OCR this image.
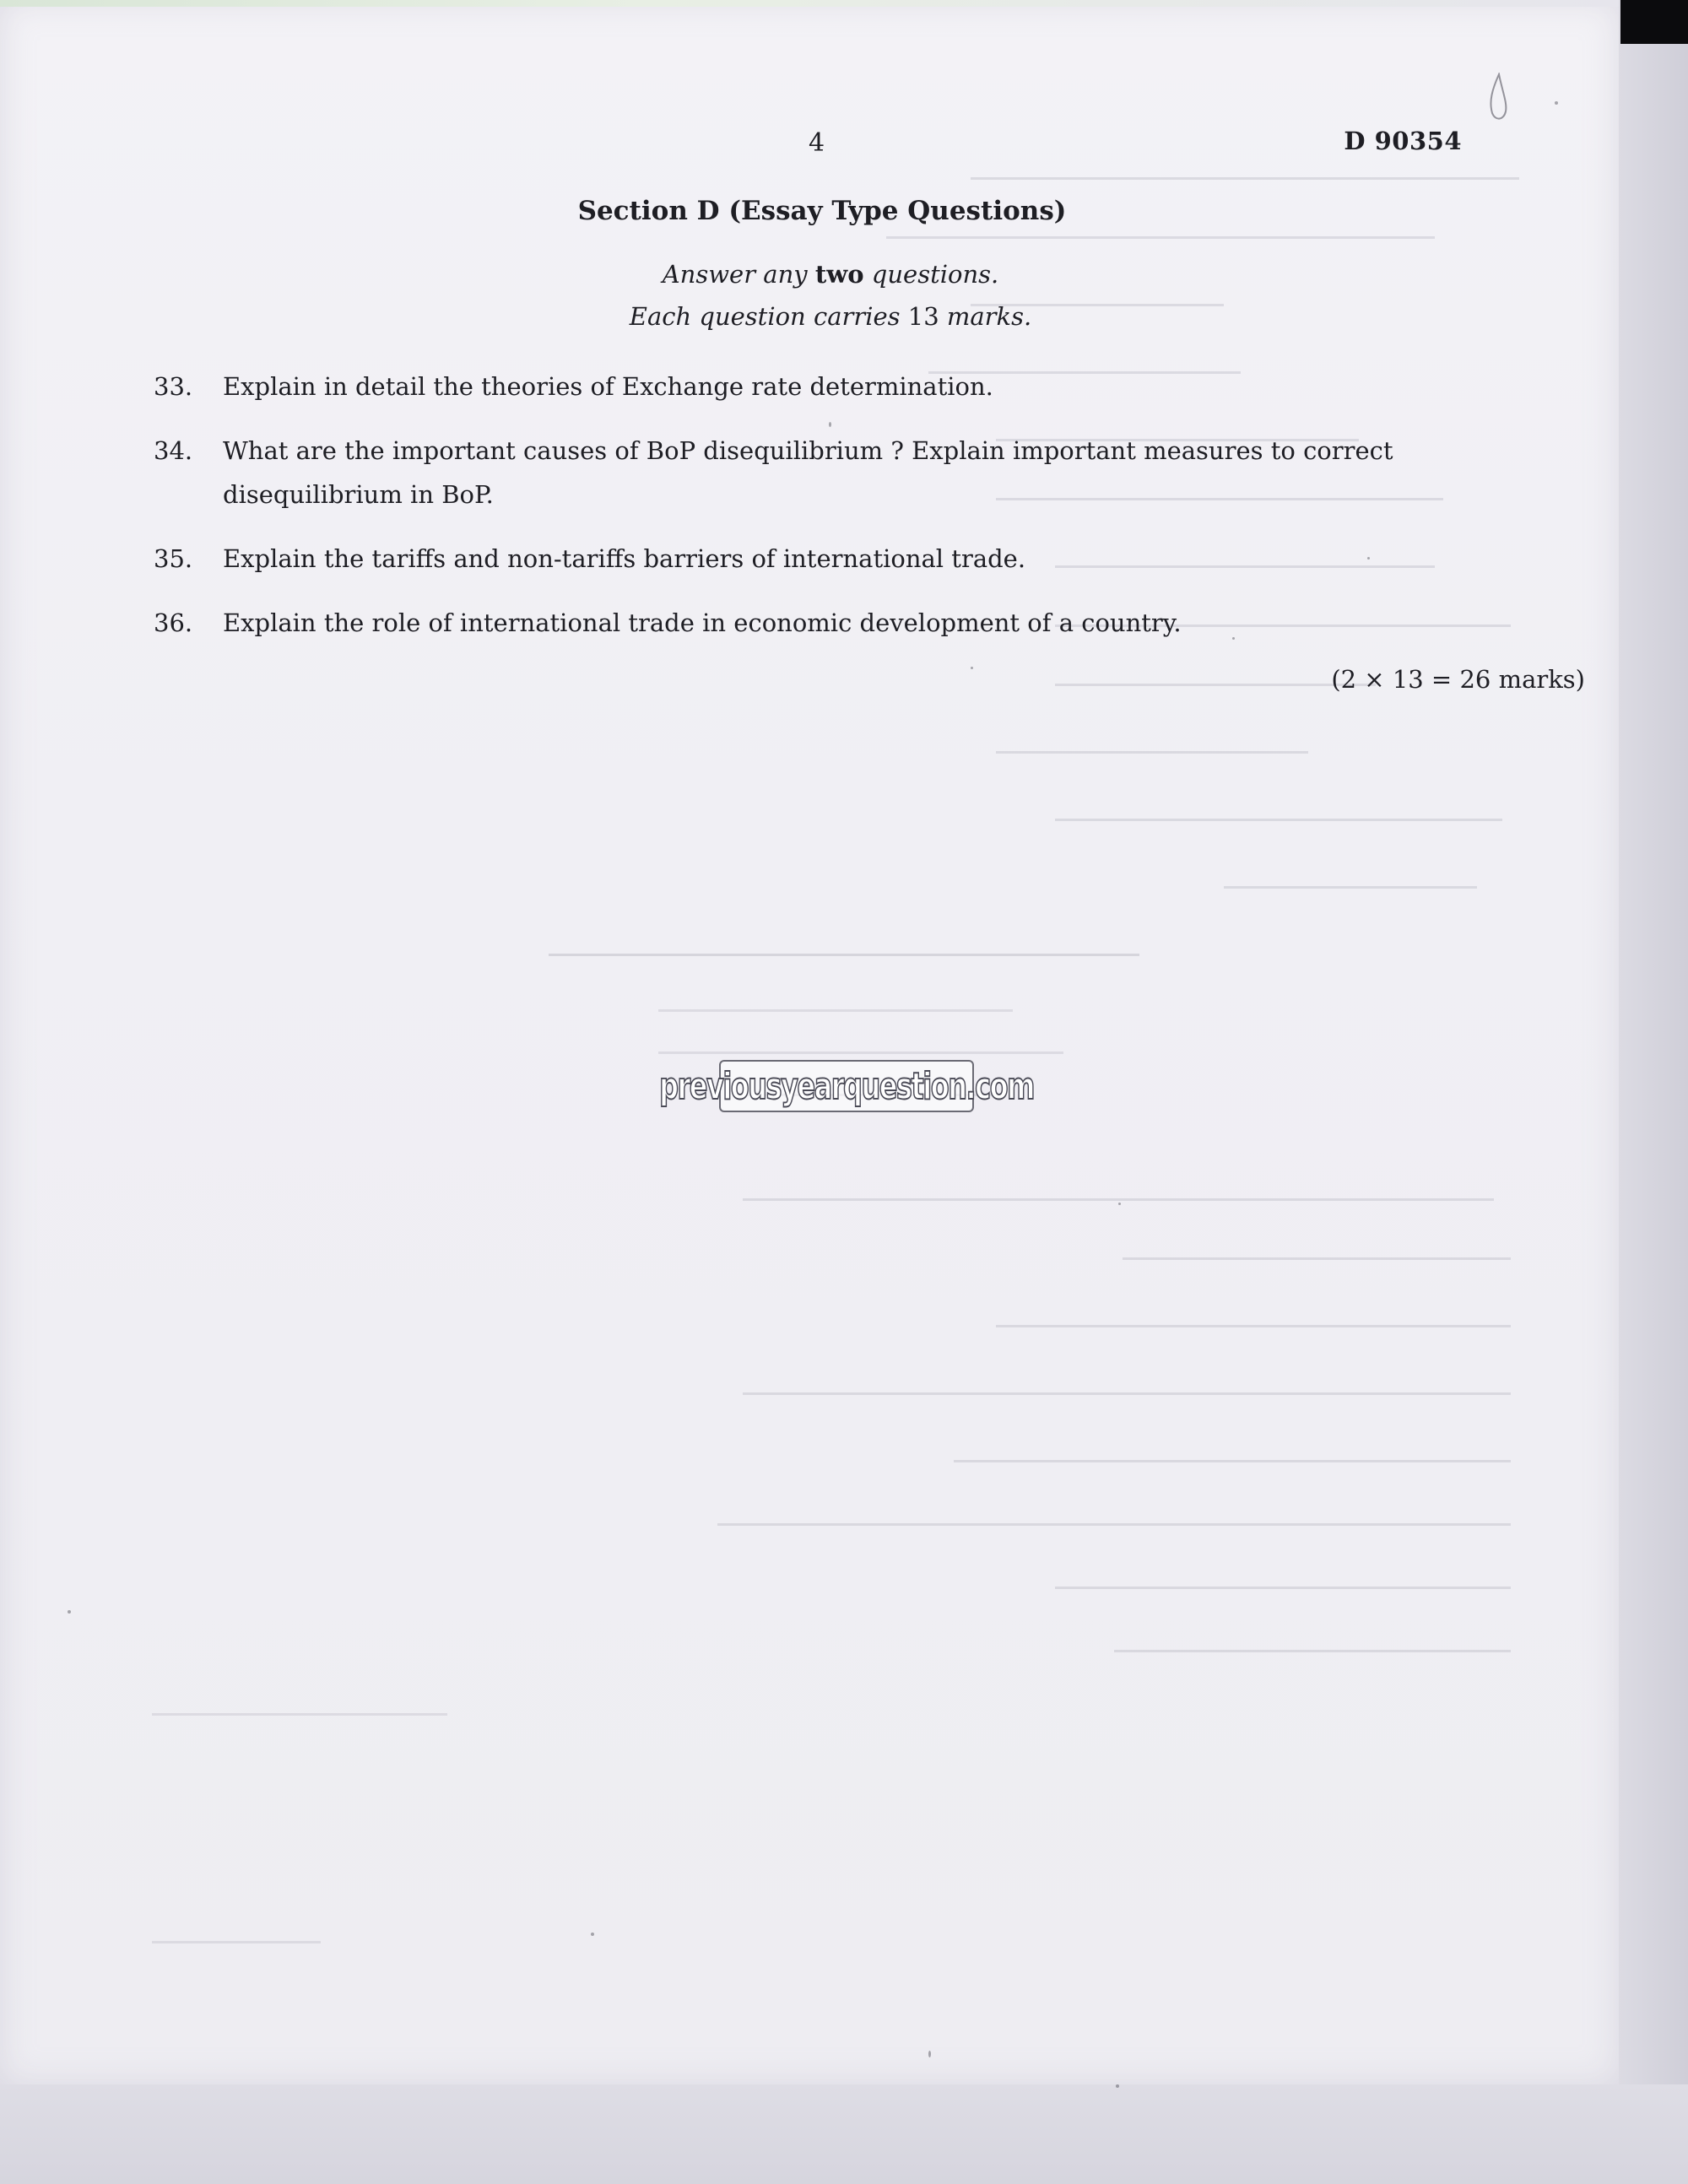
4	D 90354
Section D (Essay Type Questions)
Answer any two questions.
Each question carries 13 marks.
33. Explain in detail the theories of Exchange rate determination.
34. What are the important causes of BoP disequilibrium ? Explain important measures to correct disequilibrium in BoP.
35. Explain the tariffs and non-tariffs barriers of international trade.
36. Explain the role of international trade in economic development of a country.
(2 × 13 = 26 marks)
previousyearquestion.com
